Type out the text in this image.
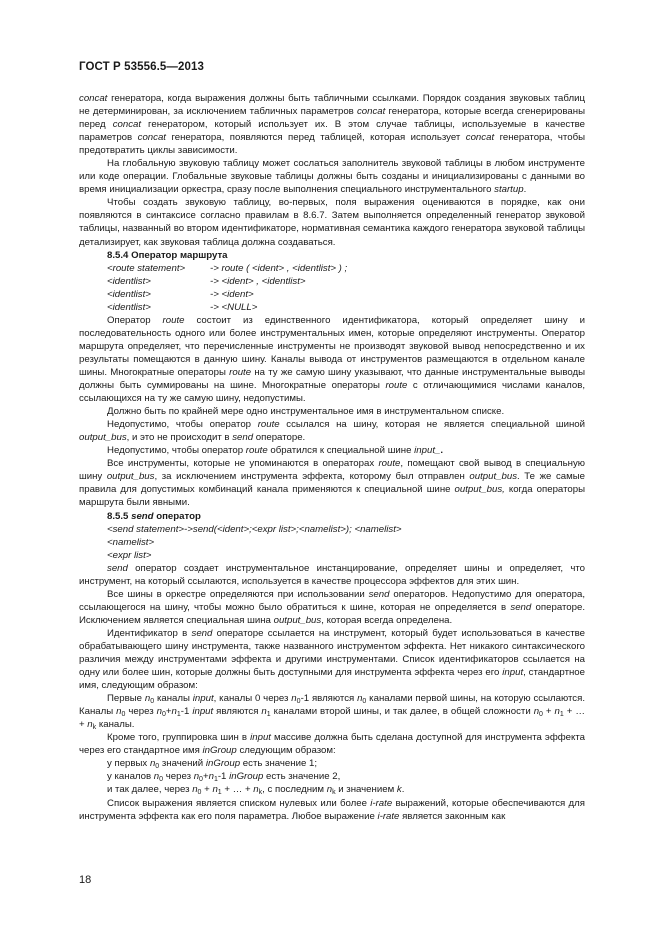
ГОСТ Р 53556.5—2013

concat генератора, когда выражения должны быть табличными ссылками. Порядок создания звуковых таблиц не детерминирован, за исключением табличных параметров concat генератора, которые всегда сгенерированы перед concat генератором, который использует их. В этом случае таблицы, используемые в качестве параметров concat генератора, появляются перед таблицей, которая использует concat генератора, чтобы предотвратить циклы зависимости.

На глобальную звуковую таблицу может сослаться заполнитель звуковой таблицы в любом инструменте или коде операции. Глобальные звуковые таблицы должны быть созданы и инициализированы с данными во время инициализации оркестра, сразу после выполнения специального инструментального startup.

Чтобы создать звуковую таблицу, во-первых, поля выражения оцениваются в порядке, как они появляются в синтаксисе согласно правилам в 8.6.7. Затем выполняется определенный генератор звуковой таблицы, названный во втором идентификаторе, нормативная семантика каждого генератора звуковой таблицы детализирует, как звуковая таблица должна создаваться.

8.5.4 Оператор маршрута

<route statement>	-> route ( <ident> , <identlist> ) ;
<identlist>	-> <ident> , <identlist>
<identlist>	-> <ident>
<identlist>	-> <NULL>

Оператор route состоит из единственного идентификатора, который определяет шину и последовательность одного или более инструментальных имен, которые определяют инструменты. Оператор маршрута определяет, что перечисленные инструменты не производят звуковой вывод непосредственно и их результаты помещаются в данную шину. Каналы вывода от инструментов размещаются в отдельном канале шины. Многократные операторы route на ту же самую шину указывают, что данные инструментальные выводы должны быть суммированы на шине. Многократные операторы route с отличающимися числами каналов, ссылающихся на ту же самую шину, недопустимы.

Должно быть по крайней мере одно инструментальное имя в инструментальном списке.

Недопустимо, чтобы оператор route ссылался на шину, которая не является специальной шиной output_bus, и это не происходит в send операторе.

Недопустимо, чтобы оператор route обратился к специальной шине input_.

Все инструменты, которые не упоминаются в операторах route, помещают свой вывод в специальную шину output_bus, за исключением инструмента эффекта, которому был отправлен output_bus. Те же самые правила для допустимых комбинаций канала применяются к специальной шине output_bus, когда операторы маршрута были явными.

8.5.5 send оператор

<send statement>->send(<ident>;<expr list>;<namelist>); <namelist>
<namelist>
<expr list>

send оператор создает инструментальное инстанцирование, определяет шины и определяет, что инструмент, на который ссылаются, используется в качестве процессора эффектов для этих шин.

Все шины в оркестре определяются при использовании send операторов. Недопустимо для оператора, ссылающегося на шину, чтобы можно было обратиться к шине, которая не определяется в send операторе. Исключением является специальная шина output_bus, которая всегда определена.

Идентификатор в send операторе ссылается на инструмент, который будет использоваться в качестве обрабатывающего шину инструмента, также названного инструментом эффекта. Нет никакого синтаксического различия между инструментами эффекта и другими инструментами. Список идентификаторов ссылается на одну или более шин, которые должны быть доступными для инструмента эффекта через его input, стандартное имя, следующим образом:

Первые $n_0$ каналы input, каналы 0 через $n_0-1$ являются $n_0$ каналами первой шины, на которую ссылаются. Каналы $n_0$ через $n_0+n_1-1$ input являются $n_1$ каналами второй шины, и так далее, в общей сложности $n_0 + n_1$ + … + $n_k$ каналы.

Кроме того, группировка шин в input массиве должна быть сделана доступной для инструмента эффекта через его стандартное имя inGroup следующим образом:

у первых $n_0$ значений inGroup есть значение 1;

у каналов $n_0$ через $n_0+n_1-1$ inGroup есть значение 2,

и так далее, через $n_0 + n_1$ + … + $n_k$, с последним $n_k$ и значением k.

Список выражения является списком нулевых или более i-rate выражений, которые обеспечиваются для инструмента эффекта как его поля параметра. Любое выражение i-rate является законным как

18
